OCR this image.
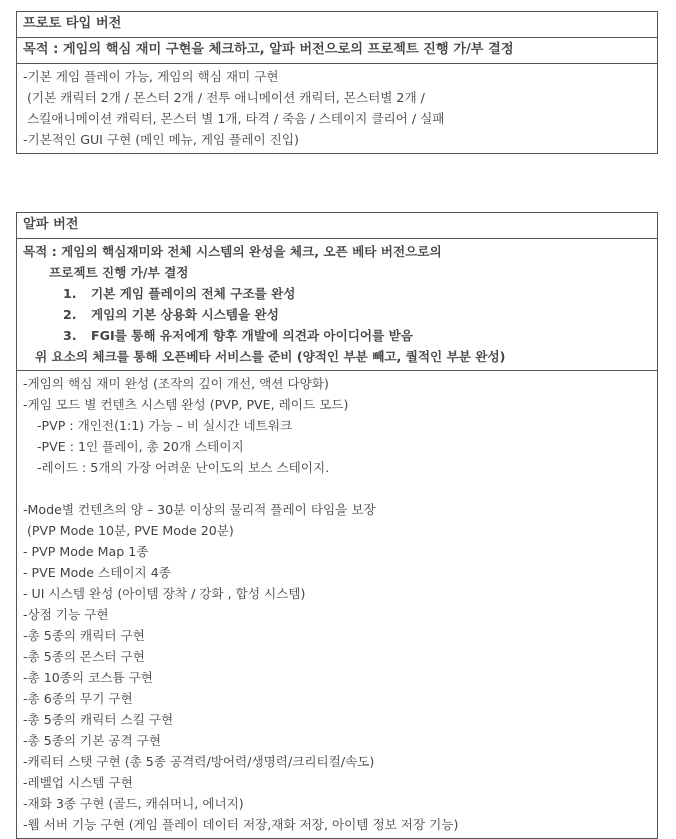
프로토 타입 버전
목적 : 게임의 핵심 재미 구현을 체크하고, 알파 버전으로의 프로젝트 진행 가/부 결정
-기본 게임 플레이 가능, 게임의 핵심 재미 구현
(기본 캐릭터 2개 / 몬스터 2개 / 전투 애니메이션 캐릭터, 몬스터별 2개 /
스킬애니메이션 캐릭터, 몬스터 별 1개, 타격 / 죽음 / 스테이지 클리어 / 실패
-기본적인 GUI 구현 (메인 메뉴, 게임 플레이 진입)
알파 버전
목적 : 게임의 핵심재미와 전체 시스템의 완성을 체크, 오픈 베타 버전으로의
프로젝트 진행 가/부 결정
1. 기본 게임 플레이의 전체 구조를 완성
2. 게임의 기본 상용화 시스템을 완성
3. FGI를 통해 유저에게 향후 개발에 의견과 아이디어를 받음
위 요소의 체크를 통해 오픈베타 서비스를 준비 (양적인 부분 빼고, 퀄적인 부분 완성)
-게임의 핵심 재미 완성 (조작의 깊이 개선, 액션 다양화)
-게임 모드 별 컨텐츠 시스템 완성 (PVP, PVE, 레이드 모드)
-PVP : 개인전(1:1) 가능 – 비 실시간 네트워크
-PVE : 1인 플레이, 총 20개 스테이지
-레이드 : 5개의 가장 어려운 난이도의 보스 스테이지.

-Mode별 컨텐츠의 양 – 30분 이상의 물리적 플레이 타임을 보장
(PVP Mode 10분, PVE Mode 20분)
- PVP Mode Map 1종
- PVE Mode 스테이지 4종
- UI 시스템 완성 (아이템 장착 / 강화 , 합성 시스템)
-상점 기능 구현
-총 5종의 캐릭터 구현
-총 5종의 몬스터 구현
-총 10종의 코스튬 구현
-총 6종의 무기 구현
-총 5종의 캐릭터 스킬 구현
-총 5종의 기본 공격 구현
-캐릭터 스탯 구현 (총 5종 공격력/방어력/생명력/크리티컬/속도)
-레벨업 시스템 구현
-재화 3종 구현 (골드, 캐쉬머니, 에너지)
-웹 서버 기능 구현 (게임 플레이 데이터 저장,재화 저장, 아이템 정보 저장 기능)
